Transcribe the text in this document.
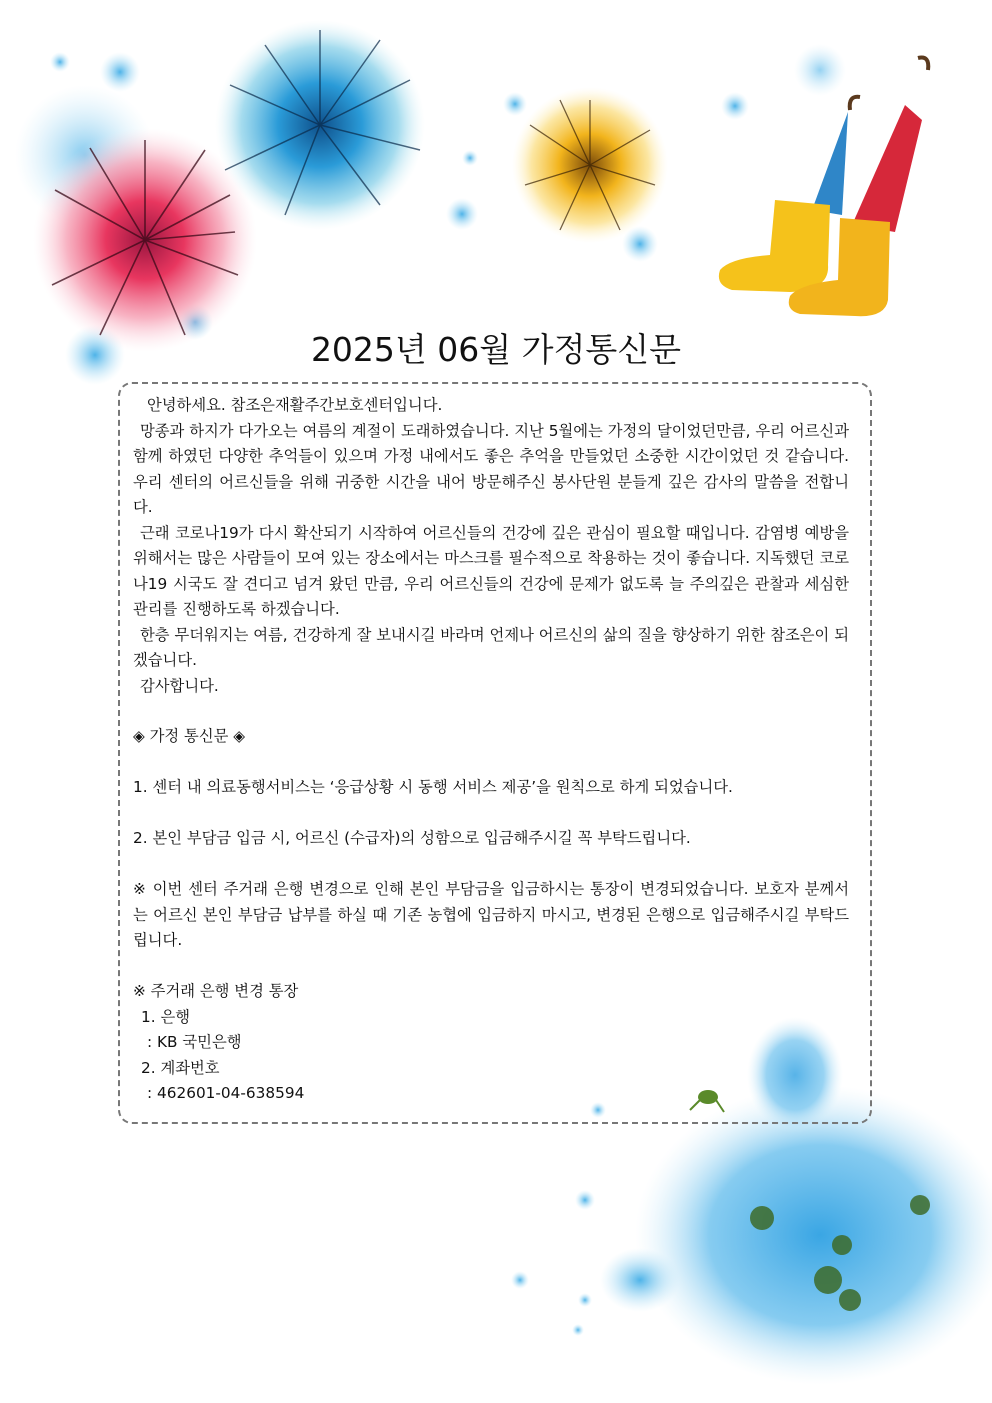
2025년 06월 가정통신문

안녕하세요. 참조은재활주간보호센터입니다.

망종과 하지가 다가오는 여름의 계절이 도래하였습니다. 지난 5월에는 가정의 달이었던만큼, 우리 어르신과 함께 하였던 다양한 추억들이 있으며 가정 내에서도 좋은 추억을 만들었던 소중한 시간이었던 것 같습니다. 우리 센터의 어르신들을 위해 귀중한 시간을 내어 방문해주신 봉사단원 분들게 깊은 감사의 말씀을 전합니다.

근래 코로나19가 다시 확산되기 시작하여 어르신들의 건강에 깊은 관심이 필요할 때입니다. 감염병 예방을 위해서는 많은 사람들이 모여 있는 장소에서는 마스크를 필수적으로 착용하는 것이 좋습니다. 지독했던 코로나19 시국도 잘 견디고 넘겨 왔던 만큼, 우리 어르신들의 건강에 문제가 없도록 늘 주의깊은 관찰과 세심한 관리를 진행하도록 하겠습니다.

한층 무더워지는 여름, 건강하게 잘 보내시길 바라며 언제나 어르신의 삶의 질을 향상하기 위한 참조은이 되겠습니다.

감사합니다.

◈ 가정 통신문 ◈

1. 센터 내 의료동행서비스는 ‘응급상황 시 동행 서비스 제공’을 원칙으로 하게 되었습니다.

2. 본인 부담금 입금 시, 어르신 (수급자)의 성함으로 입금해주시길 꼭 부탁드립니다.

※ 이번 센터 주거래 은행 변경으로 인해 본인 부담금을 입금하시는 통장이 변경되었습니다. 보호자 분께서는 어르신 본인 부담금 납부를 하실 때 기존 농협에 입금하지 마시고, 변경된 은행으로 입금해주시길 부탁드립니다.

※ 주거래 은행 변경 통장

1. 은행

: KB 국민은행

2. 계좌번호

: 462601-04-638594
